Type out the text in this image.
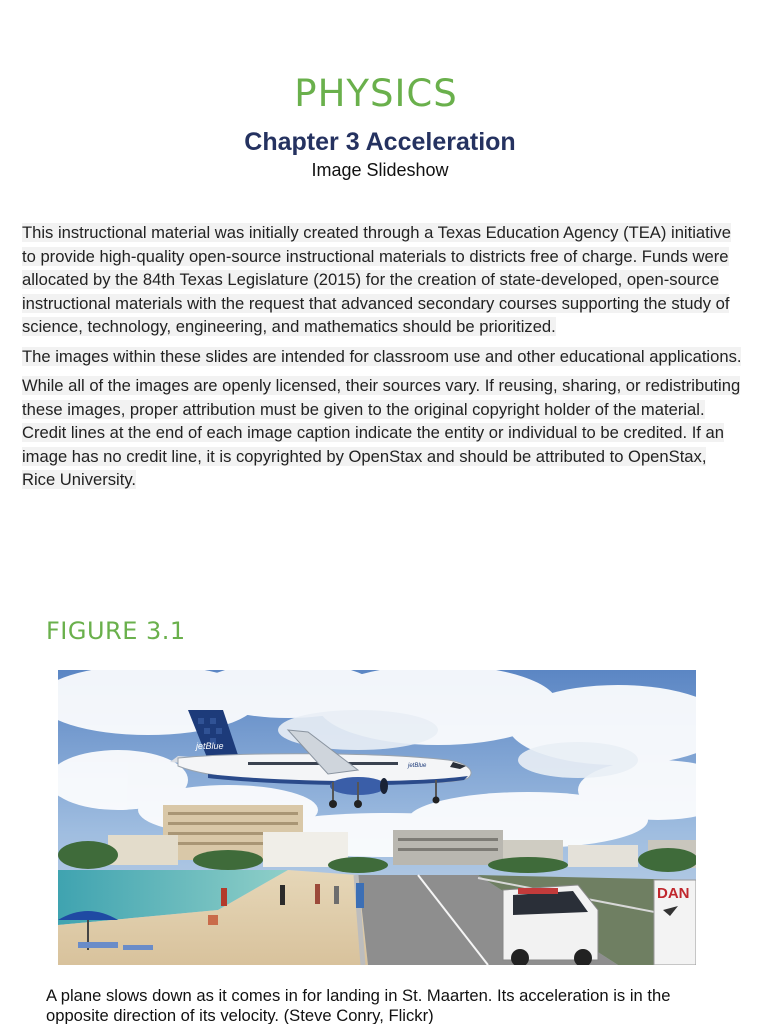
PHYSICS
Chapter 3 Acceleration
Image Slideshow

This instructional material was initially created through a Texas Education Agency (TEA) initiative to provide high-quality open-source instructional materials to districts free of charge. Funds were allocated by the 84th Texas Legislature (2015) for the creation of state-developed, open-source instructional materials with the request that advanced secondary courses supporting the study of science, technology, engineering, and mathematics should be prioritized.

The images within these slides are intended for classroom use and other educational applications.

While all of the images are openly licensed, their sources vary. If reusing, sharing, or redistributing these images, proper attribution must be given to the original copyright holder of the material. Credit lines at the end of each image caption indicate the entity or individual to be credited. If an image has no credit line, it is copyrighted by OpenStax and should be attributed to OpenStax, Rice University.

FIGURE 3.1
DAN
jetBlue
jetBlue
A plane slows down as it comes in for landing in St. Maarten. Its acceleration is in the opposite direction of its velocity. (Steve Conry, Flickr)
